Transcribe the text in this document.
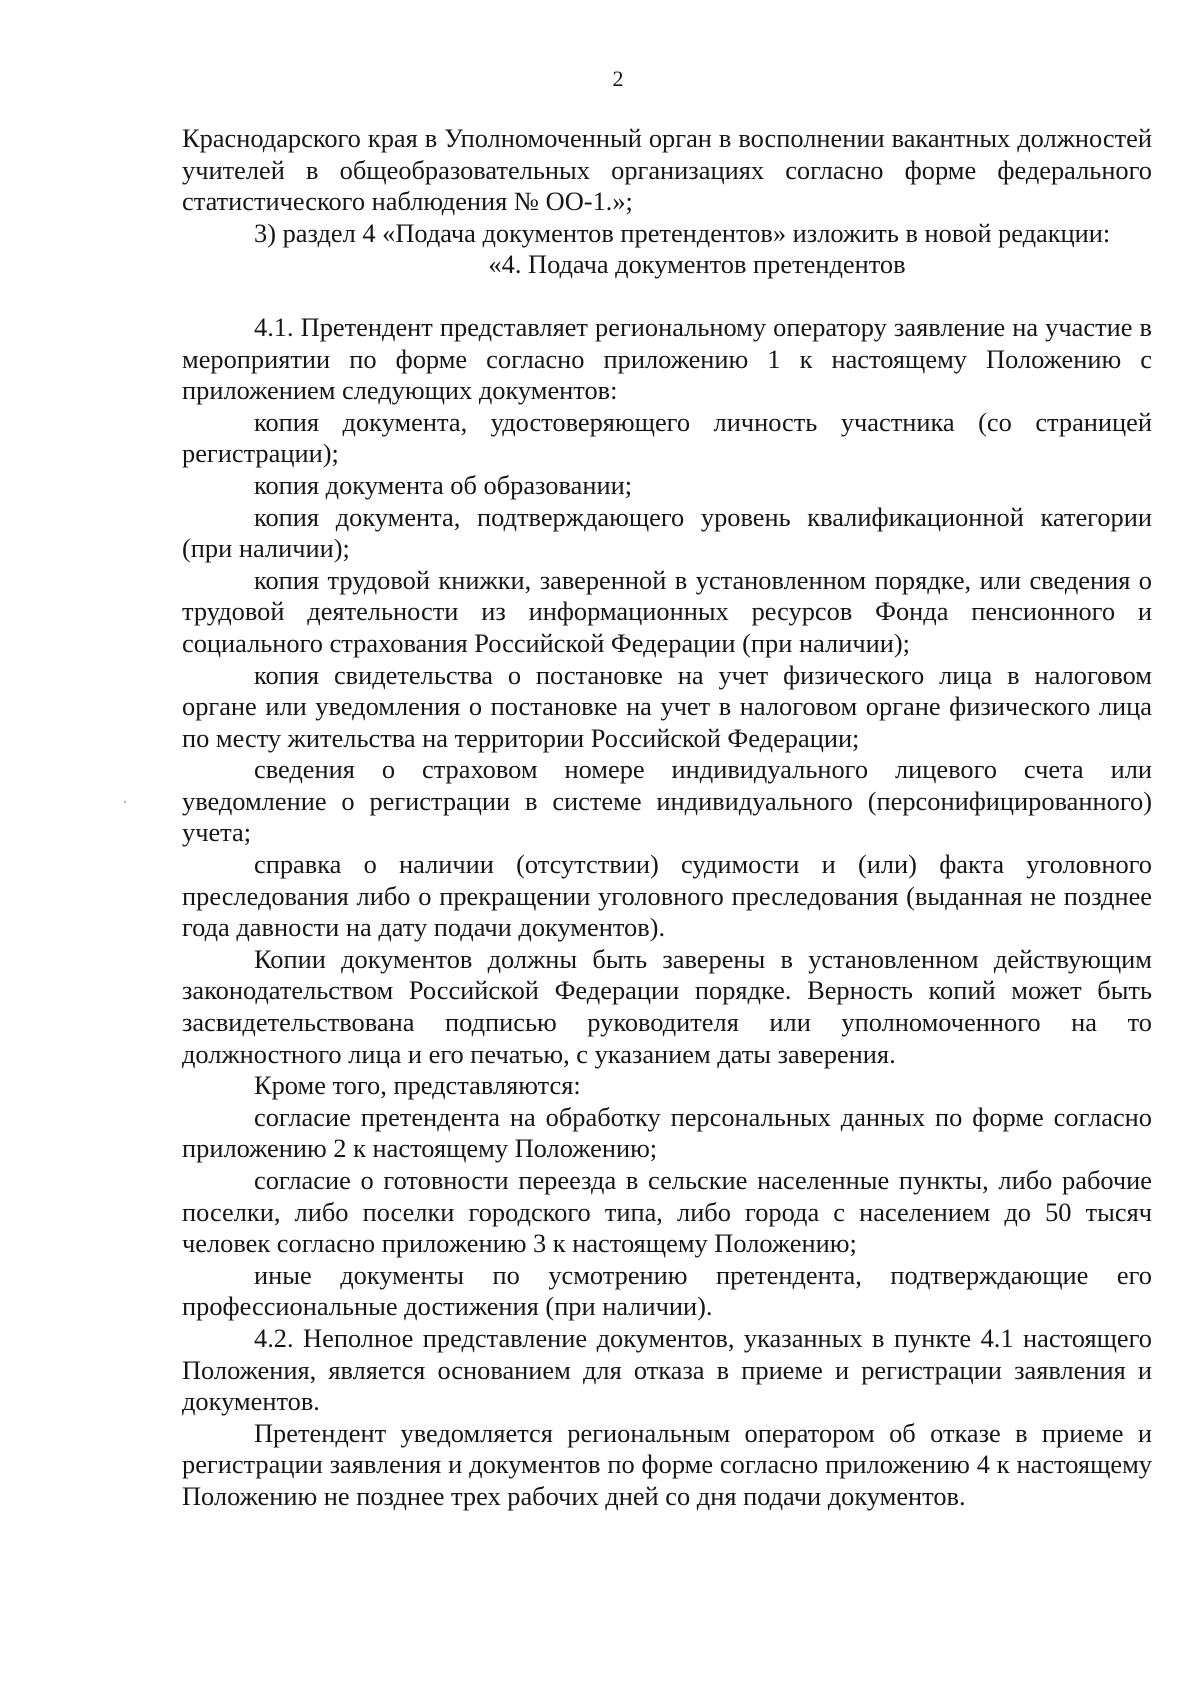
2

Краснодарского края в Уполномоченный орган в восполнении вакантных должностей учителей в общеобразовательных организациях согласно форме федерального статистического наблюдения № ОО-1.»;

3) раздел 4 «Подача документов претендентов» изложить в новой редакции:

«4. Подача документов претендентов

4.1. Претендент представляет региональному оператору заявление на участие в мероприятии по форме согласно приложению 1 к настоящему Положению с приложением следующих документов:

копия документа, удостоверяющего личность участника (со страницей регистрации);

копия документа об образовании;

копия документа, подтверждающего уровень квалификационной категории (при наличии);

копия трудовой книжки, заверенной в установленном порядке, или сведения о трудовой деятельности из информационных ресурсов Фонда пенсионного и социального страхования Российской Федерации (при наличии);

копия свидетельства о постановке на учет физического лица в налоговом органе или уведомления о постановке на учет в налоговом органе физического лица по месту жительства на территории Российской Федерации;

сведения о страховом номере индивидуального лицевого счета или уведомление о регистрации в системе индивидуального (персонифицированного) учета;

справка о наличии (отсутствии) судимости и (или) факта уголовного преследования либо о прекращении уголовного преследования (выданная не позднее года давности на дату подачи документов).

Копии документов должны быть заверены в установленном действующим законодательством Российской Федерации порядке. Верность копий может быть засвидетельствована подписью руководителя или уполномоченного на то должностного лица и его печатью, с указанием даты заверения.

Кроме того, представляются:

согласие претендента на обработку персональных данных по форме согласно приложению 2 к настоящему Положению;

согласие о готовности переезда в сельские населенные пункты, либо рабочие поселки, либо поселки городского типа, либо города с населением до 50 тысяч человек согласно приложению 3 к настоящему Положению;

иные документы по усмотрению претендента, подтверждающие его профессиональные достижения (при наличии).

4.2. Неполное представление документов, указанных в пункте 4.1 настоящего Положения, является основанием для отказа в приеме и регистрации заявления и документов.

Претендент уведомляется региональным оператором об отказе в приеме и регистрации заявления и документов по форме согласно приложению 4 к настоящему Положению не позднее трех рабочих дней со дня подачи документов.
